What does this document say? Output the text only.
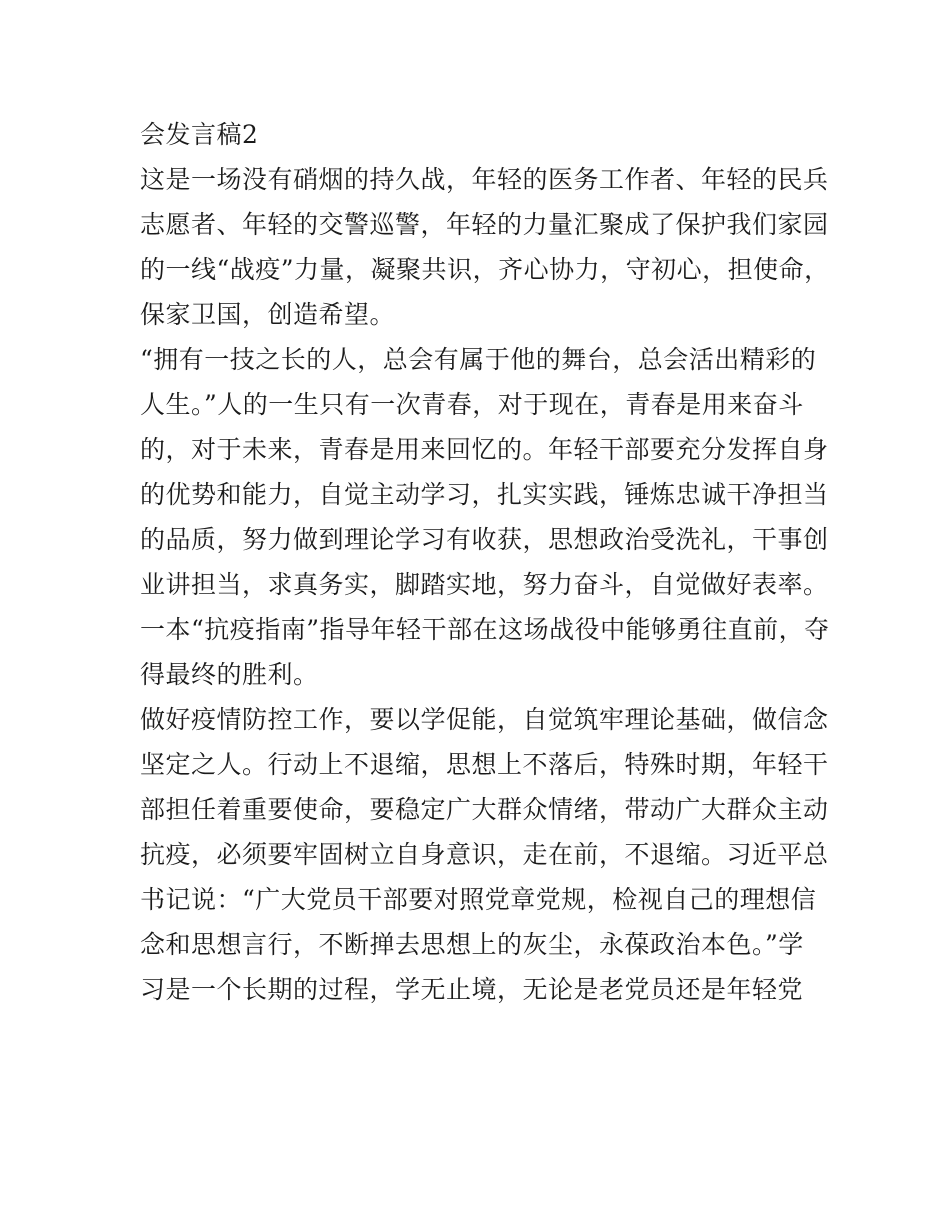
会发言稿2
这是一场没有硝烟的持久战，年轻的医务工作者、年轻的民兵
志愿者、年轻的交警巡警，年轻的力量汇聚成了保护我们家园
的一线“战疫”力量，凝聚共识，齐心协力，守初心，担使命，
保家卫国，创造希望。
“拥有一技之长的人，总会有属于他的舞台，总会活出精彩的
人生。”人的一生只有一次青春，对于现在，青春是用来奋斗
的，对于未来，青春是用来回忆的。年轻干部要充分发挥自身
的优势和能力，自觉主动学习，扎实实践，锤炼忠诚干净担当
的品质，努力做到理论学习有收获，思想政治受洗礼，干事创
业讲担当，求真务实，脚踏实地，努力奋斗，自觉做好表率。
一本“抗疫指南”指导年轻干部在这场战役中能够勇往直前，夺
得最终的胜利。
做好疫情防控工作，要以学促能，自觉筑牢理论基础，做信念
坚定之人。行动上不退缩，思想上不落后，特殊时期，年轻干
部担任着重要使命，要稳定广大群众情绪，带动广大群众主动
抗疫，必须要牢固树立自身意识，走在前，不退缩。习近平总
书记说：“广大党员干部要对照党章党规，检视自己的理想信
念和思想言行，不断掸去思想上的灰尘，永葆政治本色。”学
习是一个长期的过程，学无止境，无论是老党员还是年轻党
